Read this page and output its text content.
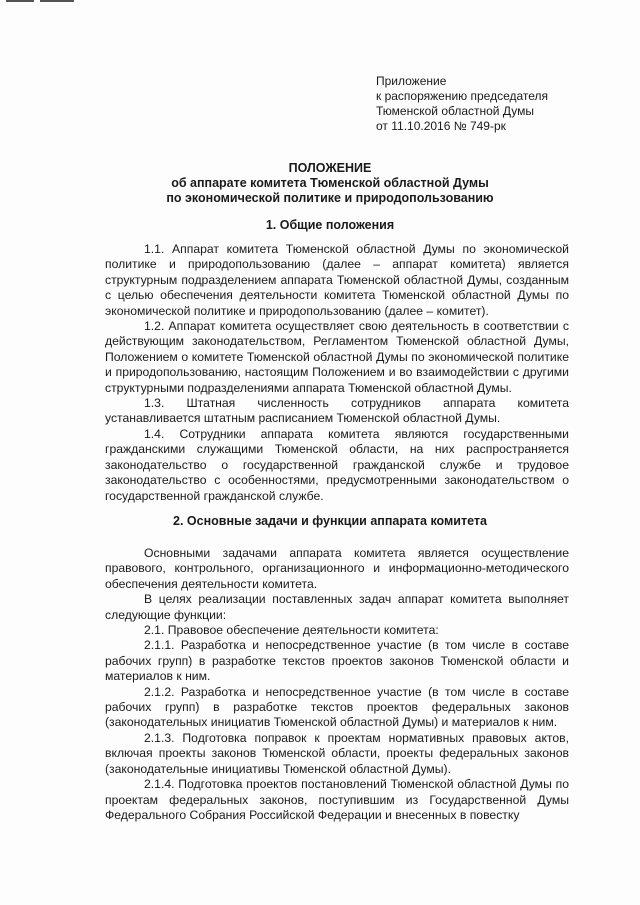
Приложение
к распоряжению председателя
Тюменской областной Думы
от 11.10.2016 № 749-рк
ПОЛОЖЕНИЕ
об аппарате комитета Тюменской областной Думы
по экономической политике и природопользованию
1. Общие положения

1.1. Аппарат комитета Тюменской областной Думы по экономической политике и природопользованию (далее – аппарат комитета) является структурным подразделением аппарата Тюменской областной Думы, созданным с целью обеспечения деятельности комитета Тюменской областной Думы по экономической политике и природопользованию (далее – комитет).

1.2. Аппарат комитета осуществляет свою деятельность в соответствии с действующим законодательством, Регламентом Тюменской областной Думы, Положением о комитете Тюменской областной Думы по экономической политике и природопользованию, настоящим Положением и во взаимодействии с другими структурными подразделениями аппарата Тюменской областной Думы.

1.3. Штатная численность сотрудников аппарата комитета устанавливается штатным расписанием Тюменской областной Думы.

1.4. Сотрудники аппарата комитета являются государственными гражданскими служащими Тюменской области, на них распространяется законодательство о государственной гражданской службе и трудовое законодательство с особенностями, предусмотренными законодательством о государственной гражданской службе.

2. Основные задачи и функции аппарата комитета

Основными задачами аппарата комитета является осуществление правового, контрольного, организационного и информационно-методического обеспечения деятельности комитета.

В целях реализации поставленных задач аппарат комитета выполняет следующие функции:

2.1. Правовое обеспечение деятельности комитета:

2.1.1. Разработка и непосредственное участие (в том числе в составе рабочих групп) в разработке текстов проектов законов Тюменской области и материалов к ним.

2.1.2. Разработка и непосредственное участие (в том числе в составе рабочих групп) в разработке текстов проектов федеральных законов (законодательных инициатив Тюменской областной Думы) и материалов к ним.

2.1.3. Подготовка поправок к проектам нормативных правовых актов, включая проекты законов Тюменской области, проекты федеральных законов (законодательные инициативы Тюменской областной Думы).

2.1.4. Подготовка проектов постановлений Тюменской областной Думы по проектам федеральных законов, поступившим из Государственной Думы Федерального Собрания Российской Федерации и внесенных в повестку
